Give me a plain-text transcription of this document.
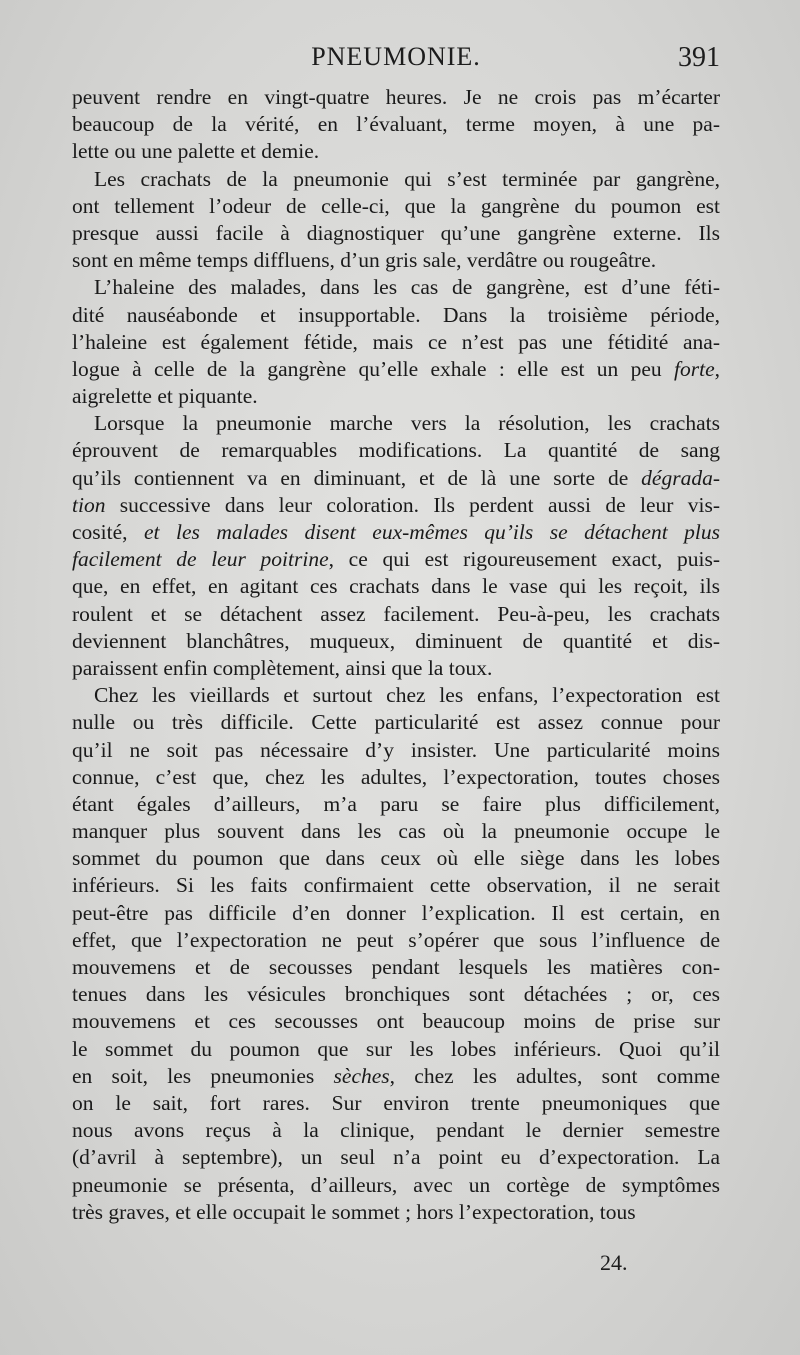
PNEUMONIE.	391
peuvent rendre en vingt-quatre heures. Je ne crois pas m’écarter
beaucoup de la vérité, en l’évaluant, terme moyen, à une pa-
lette ou une palette et demie.
Les crachats de la pneumonie qui s’est terminée par gangrène,
ont tellement l’odeur de celle-ci, que la gangrène du poumon est
presque aussi facile à diagnostiquer qu’une gangrène externe. Ils
sont en même temps diffluens, d’un gris sale, verdâtre ou rougeâtre.
L’haleine des malades, dans les cas de gangrène, est d’une féti-
dité nauséabonde et insupportable. Dans la troisième période,
l’haleine est également fétide, mais ce n’est pas une fétidité ana-
logue à celle de la gangrène qu’elle exhale : elle est un peu forte,
aigrelette et piquante.
Lorsque la pneumonie marche vers la résolution, les crachats
éprouvent de remarquables modifications. La quantité de sang
qu’ils contiennent va en diminuant, et de là une sorte de dégrada-
tion successive dans leur coloration. Ils perdent aussi de leur vis-
cosité, et les malades disent eux-mêmes qu’ils se détachent plus
facilement de leur poitrine, ce qui est rigoureusement exact, puis-
que, en effet, en agitant ces crachats dans le vase qui les reçoit, ils
roulent et se détachent assez facilement. Peu-à-peu, les crachats
deviennent blanchâtres, muqueux, diminuent de quantité et dis-
paraissent enfin complètement, ainsi que la toux.
Chez les vieillards et surtout chez les enfans, l’expectoration est
nulle ou très difficile. Cette particularité est assez connue pour
qu’il ne soit pas nécessaire d’y insister. Une particularité moins
connue, c’est que, chez les adultes, l’expectoration, toutes choses
étant égales d’ailleurs, m’a paru se faire plus difficilement,
manquer plus souvent dans les cas où la pneumonie occupe le
sommet du poumon que dans ceux où elle siège dans les lobes
inférieurs. Si les faits confirmaient cette observation, il ne serait
peut-être pas difficile d’en donner l’explication. Il est certain, en
effet, que l’expectoration ne peut s’opérer que sous l’influence de
mouvemens et de secousses pendant lesquels les matières con-
tenues dans les vésicules bronchiques sont détachées ; or, ces
mouvemens et ces secousses ont beaucoup moins de prise sur
le sommet du poumon que sur les lobes inférieurs. Quoi qu’il
en soit, les pneumonies sèches, chez les adultes, sont comme
on le sait, fort rares. Sur environ trente pneumoniques que
nous avons reçus à la clinique, pendant le dernier semestre
(d’avril à septembre), un seul n’a point eu d’expectoration. La
pneumonie se présenta, d’ailleurs, avec un cortège de symptômes
très graves, et elle occupait le sommet ; hors l’expectoration, tous
24.
